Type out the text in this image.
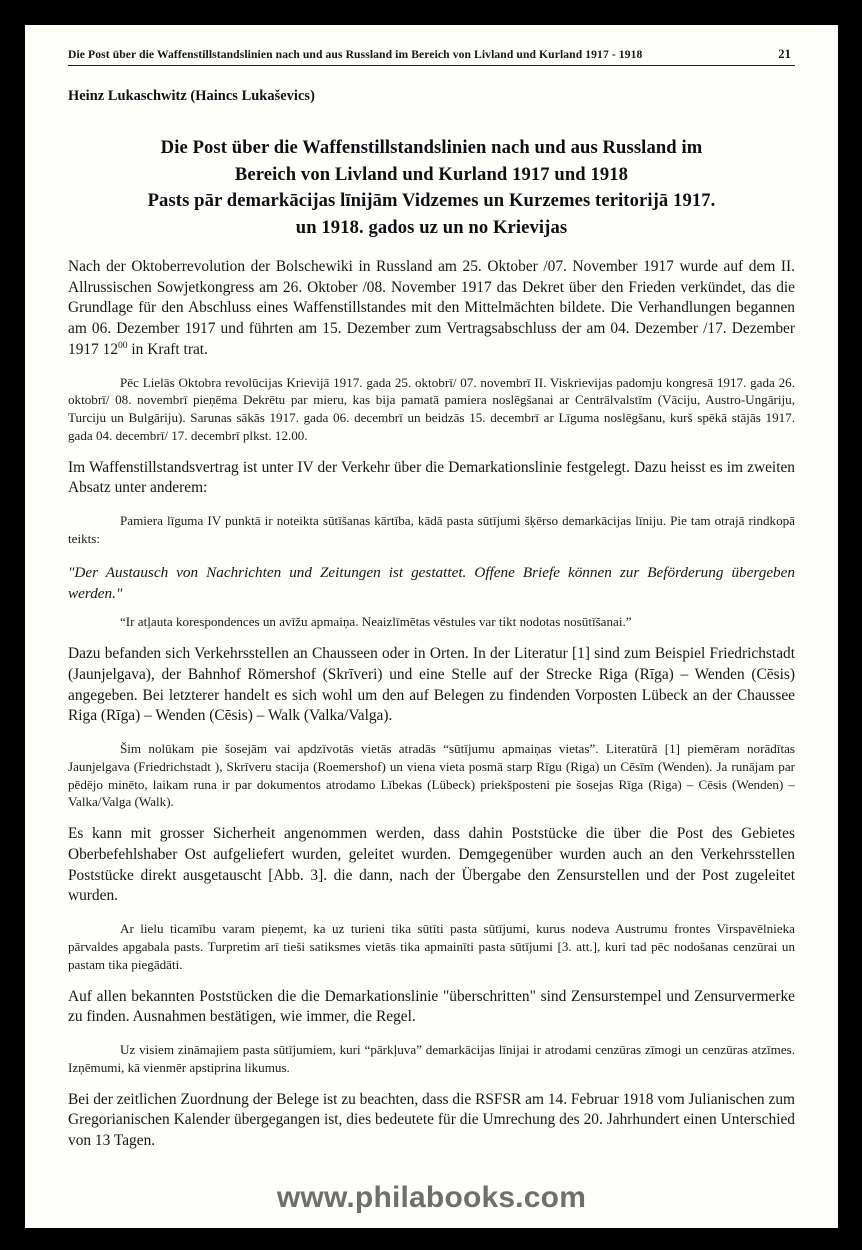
Die Post über die Waffenstillstandslinien nach und aus Russland im Bereich von Livland und Kurland 1917 - 1918	21
Heinz Lukaschwitz (Haincs Lukaševics)
Die Post über die Waffenstillstandslinien nach und aus Russland im
Bereich von Livland und Kurland 1917 und 1918
Pasts pār demarkācijas līnijām Vidzemes un Kurzemes teritorijā 1917.
un 1918. gados uz un no Krievijas

Nach der Oktoberrevolution der Bolschewiki in Russland am 25. Oktober /07. November 1917 wurde auf dem II. Allrussischen Sowjetkongress am 26. Oktober /08. November 1917 das Dekret über den Frieden verkündet, das die Grundlage für den Abschluss eines Waffenstillstandes mit den Mittelmächten bildete. Die Verhandlungen begannen am 06. Dezember 1917 und führten am 15. Dezember zum Vertragsabschluss der am 04. Dezember /17. Dezember 1917 $12^{00}$ in Kraft trat.

Pēc Lielās Oktobra revolūcijas Krievijā 1917. gada 25. oktobrī/ 07. novembrī II. Viskrievijas padomju kongresā 1917. gada 26. oktobrī/ 08. novembrī pieņēma Dekrētu par mieru, kas bija pamatā pamiera noslēgšanai ar Centrālvalstīm (Vāciju, Austro-Ungāriju, Turciju un Bulgāriju). Sarunas sākās 1917. gada 06. decembrī un beidzās 15. decembrī ar Līguma noslēgšanu, kurš spēkā stājās 1917. gada 04. decembrī/ 17. decembrī plkst. 12.00.

Im Waffenstillstandsvertrag ist unter IV der Verkehr über die Demarkationslinie festgelegt. Dazu heisst es im zweiten Absatz unter anderem:

Pamiera līguma IV punktā ir noteikta sūtīšanas kārtība, kādā pasta sūtījumi šķērso demarkācijas līniju. Pie tam otrajā rindkopā teikts:

"Der Austausch von Nachrichten und Zeitungen ist gestattet. Offene Briefe können zur Beförderung übergeben werden."

“Ir atļauta korespondences un avīžu apmaiņa. Neaizlīmētas vēstules var tikt nodotas nosūtīšanai.”

Dazu befanden sich Verkehrsstellen an Chausseen oder in Orten. In der Literatur [1] sind zum Beispiel Friedrichstadt (Jaunjelgava), der Bahnhof Römershof (Skrīveri) und eine Stelle auf der Strecke Riga (Rīga) – Wenden (Cēsis) angegeben. Bei letzterer handelt es sich wohl um den auf Belegen zu findenden Vorposten Lübeck an der Chaussee Riga (Rīga) – Wenden (Cēsis) – Walk (Valka/Valga).

Šim nolūkam pie šosejām vai apdzīvotās vietās atradās “sūtījumu apmaiņas vietas”. Literatūrā [1] piemēram norādītas Jaunjelgava (Friedrichstadt ), Skrīveru stacija (Roemershof) un viena vieta posmā starp Rīgu (Riga) un Cēsīm (Wenden). Ja runājam par pēdējo minēto, laikam runa ir par dokumentos atrodamo Lībekas (Lübeck) priekšposteni pie šosejas Rīga (Riga) – Cēsis (Wenden) – Valka/Valga (Walk).

Es kann mit grosser Sicherheit angenommen werden, dass dahin Poststücke die über die Post des Gebietes Oberbefehlshaber Ost aufgeliefert wurden, geleitet wurden. Demgegenüber wurden auch an den Verkehrsstellen Poststücke direkt ausgetauscht [Abb. 3]. die dann, nach der Übergabe den Zensurstellen und der Post zugeleitet wurden.

Ar lielu ticamību varam pieņemt, ka uz turieni tika sūtīti pasta sūtījumi, kurus nodeva Austrumu frontes Virspavēlnieka pārvaldes apgabala pasts. Turpretim arī tieši satiksmes vietās tika apmainīti pasta sūtījumi [3. att.], kuri tad pēc nodošanas cenzūrai un pastam tika piegādāti.

Auf allen bekannten Poststücken die die Demarkationslinie "überschritten" sind Zensurstempel und Zensurvermerke zu finden. Ausnahmen bestätigen, wie immer, die Regel.

Uz visiem zināmajiem pasta sūtījumiem, kuri “pārkļuva” demarkācijas līnijai ir atrodami cenzūras zīmogi un cenzūras atzīmes. Izņēmumi, kā vienmēr apstiprina likumus.

Bei der zeitlichen Zuordnung der Belege ist zu beachten, dass die RSFSR am 14. Februar 1918 vom Julianischen zum Gregorianischen Kalender übergegangen ist, dies bedeutete für die Umrechung des 20. Jahrhundert einen Unterschied von 13 Tagen.

www.philabooks.com
